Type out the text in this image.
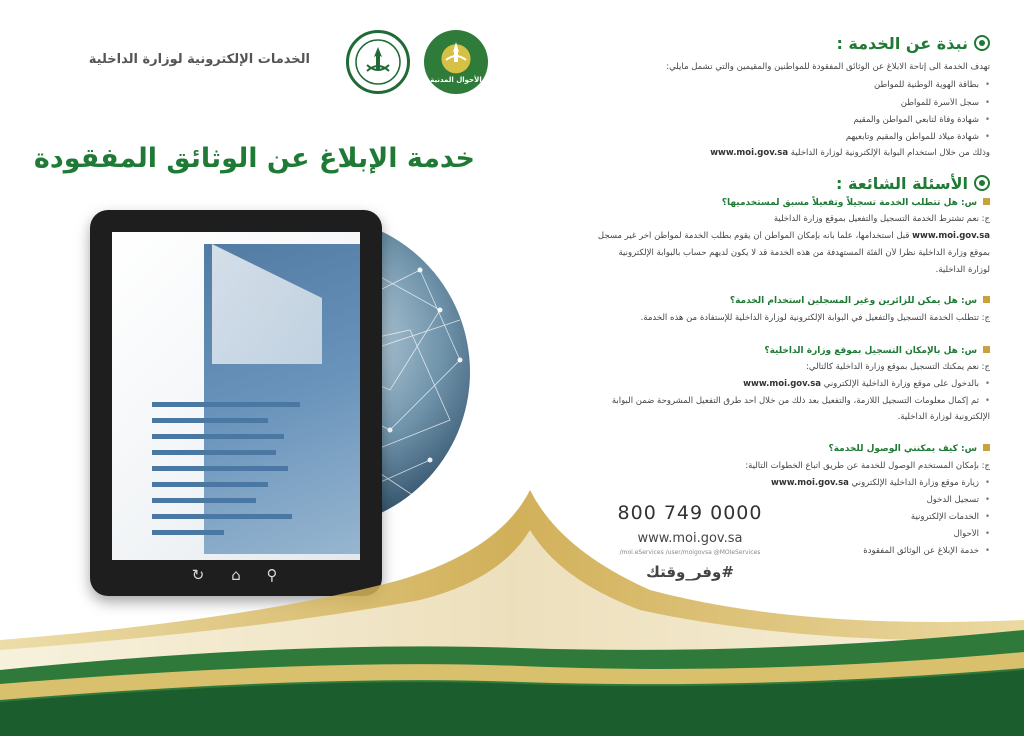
الخدمات الإلكترونية لوزارة الداخلية
الأحوال المدنية
خدمة الإبلاغ عن الوثائق المفقودة
↻ ⌂ ⚲
نبذة عن الخدمة :
تهدف الخدمة الى إتاحة الابلاغ عن الوثائق المفقودة للمواطنين والمقيمين والتي تشمل مايلي:
• بطاقة الهوية الوطنية للمواطن
• سجل الأسرة للمواطن
• شهادة وفاة لتابعي المواطن والمقيم
• شهادة ميلاد للمواطن والمقيم وتابعيهم
وذلك من خلال استخدام البوابة الإلكترونية لوزارة الداخلية www.moi.gov.sa
الأسئلة الشائعة :
س: هل تتطلب الخدمة تسجيلاً وتفعيلاً مسبق لمستخدميها؟
ج: نعم تشترط الخدمة التسجيل والتفعيل بموقع وزارة الداخلية
www.moi.gov.sa قبل استخدامها، علماً بأنه بإمكان المواطن أن يقوم بطلب الخدمة لمواطن آخر غير مسجل
بموقع وزارة الداخلية نظراً لأن الفئة المستهدفة من هذه الخدمة قد لا يكون لديهم حساب بالبوابة الإلكترونية
لوزارة الداخلية.
س: هل يمكن للزائرين وغير المسجلين استخدام الخدمة؟
ج: تتطلب الخدمة التسجيل والتفعيل في البوابة الإلكترونية لوزارة الداخلية للإستفادة من هذه الخدمة.
س: هل بالإمكان التسجيل بموقع وزارة الداخلية؟
ج: نعم يمكنك التسجيل بموقع وزارة الداخلية كالتالي:
• بالدخول على موقع وزارة الداخلية الإلكتروني www.moi.gov.sa
• ثم إكمال معلومات التسجيل اللازمة، والتفعيل بعد ذلك من خلال أحد طرق التفعيل المشروحة ضمن البوابة
الإلكترونية لوزارة الداخلية.
س: كيف يمكنني الوصول للخدمة؟
ج: بإمكان المستخدم الوصول للخدمة عن طريق اتباع الخطوات التالية:
• زيارة موقع وزارة الداخلية الإلكتروني www.moi.gov.sa
• تسجيل الدخول
• الخدمات الإلكترونية
• الأحوال
• خدمة الإبلاغ عن الوثائق المفقودة
800 749 0000
www.moi.gov.sa
/moi.eServices /user/moigovsa @MOIeServices
#وفر_وقتك
